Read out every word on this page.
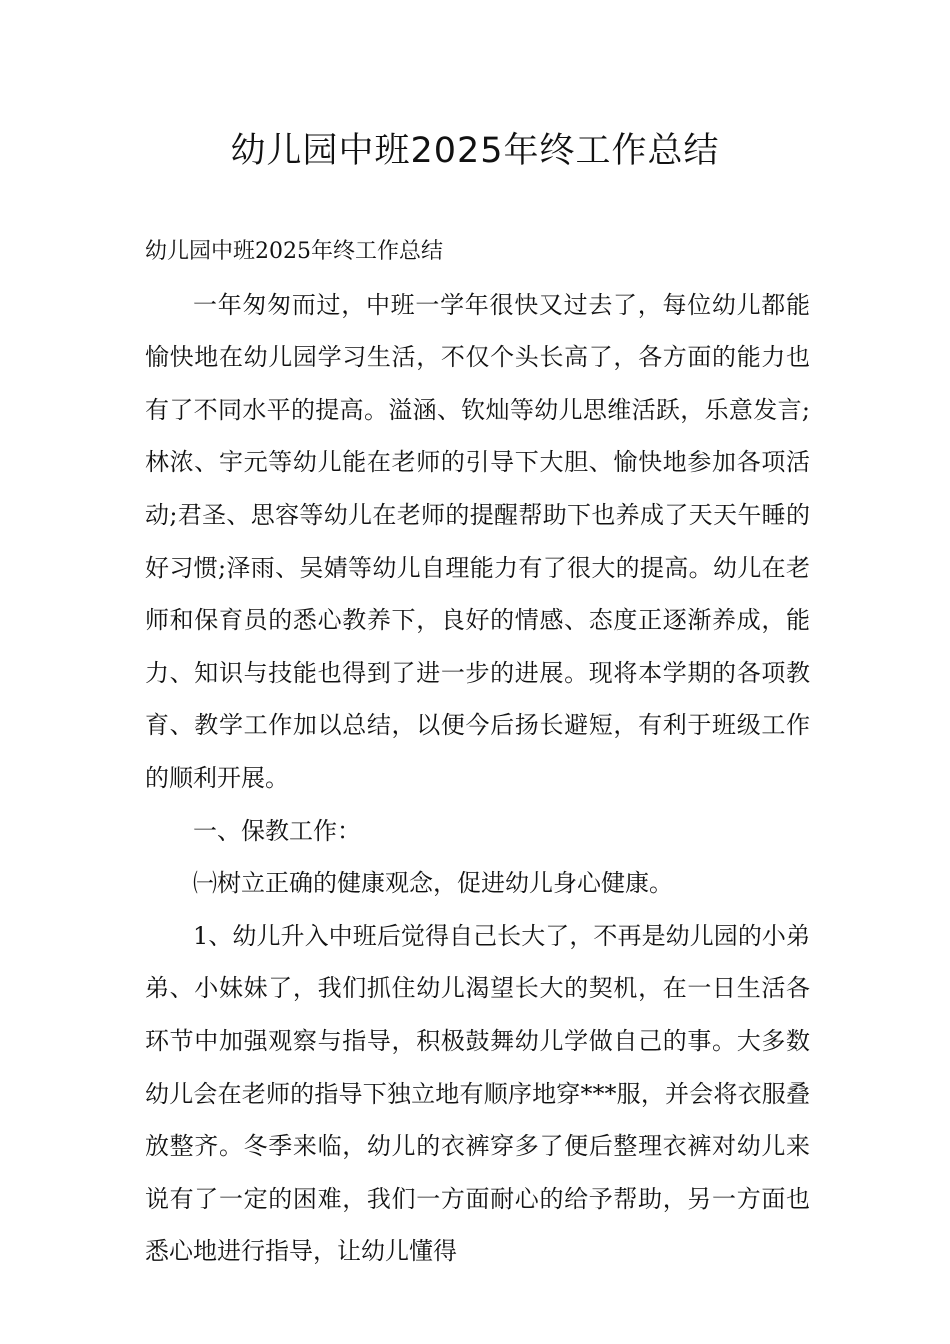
幼儿园中班2025年终工作总结

幼儿园中班2025年终工作总结

一年匆匆而过，中班一学年很快又过去了，每位幼儿都能愉快地在幼儿园学习生活，不仅个头长高了，各方面的能力也有了不同水平的提高。溢涵、钦灿等幼儿思维活跃，乐意发言;林浓、宇元等幼儿能在老师的引导下大胆、愉快地参加各项活动;君圣、思容等幼儿在老师的提醒帮助下也养成了天天午睡的好习惯;泽雨、吴婧等幼儿自理能力有了很大的提高。幼儿在老师和保育员的悉心教养下，良好的情感、态度正逐渐养成，能力、知识与技能也得到了进一步的进展。现将本学期的各项教育、教学工作加以总结，以便今后扬长避短，有利于班级工作的顺利开展。

一、保教工作：

㈠树立正确的健康观念，促进幼儿身心健康。

1、幼儿升入中班后觉得自己长大了，不再是幼儿园的小弟弟、小妹妹了，我们抓住幼儿渴望长大的契机，在一日生活各环节中加强观察与指导，积极鼓舞幼儿学做自己的事。大多数幼儿会在老师的指导下独立地有顺序地穿***服，并会将衣服叠放整齐。冬季来临，幼儿的衣裤穿多了便后整理衣裤对幼儿来说有了一定的困难，我们一方面耐心的给予帮助，另一方面也悉心地进行指导，让幼儿懂得
